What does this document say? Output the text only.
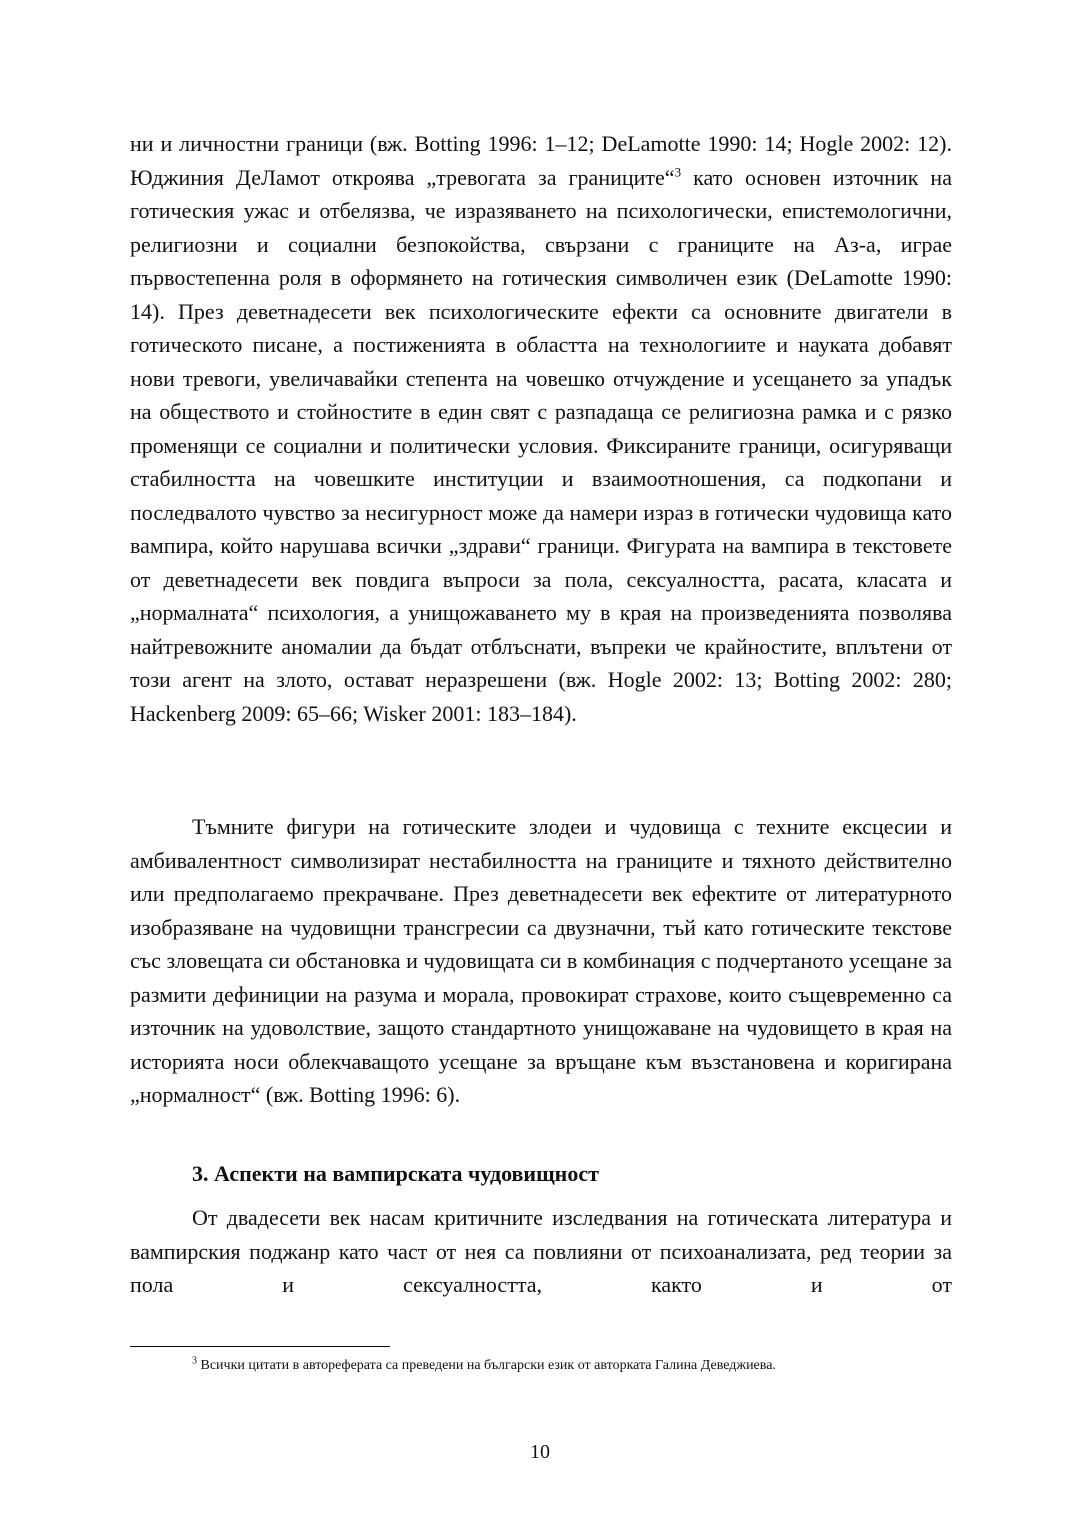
ни и личностни граници (вж. Botting 1996: 1–12; DeLamotte 1990: 14; Hogle 2002: 12). Юджиния ДеЛамот откроява „тревогата за границите“$^3$ като основен източник на готическия ужас и отбелязва, че изразяването на психологически, епистемологични, религиозни и социални безпокойства, свързани с границите на Аз-а, играе първостепенна роля в оформянето на готическия символичен език (DeLamotte 1990: 14). През деветнадесети век психологическите ефекти са основните двигатели в готическото писане, а постиженията в областта на технологиите и науката добавят нови тревоги, увеличавайки степента на човешко отчуждение и усещането за упадък на обществото и стойностите в един свят с разпадаща се религиозна рамка и с рязко променящи се социални и политически условия. Фиксираните граници, осигуряващи стабилността на човешките институции и взаимоотношения, са подкопани и последвалото чувство за несигурност може да намери израз в готически чудовища като вампира, който нарушава всички „здрави“ граници. Фигурата на вампира в текстовете от деветнадесети век повдига въпроси за пола, сексуалността, расата, класата и „нормалната“ психология, а унищожаването му в края на произведенията позволява найтревожните аномалии да бъдат отблъснати, въпреки че крайностите, вплътени от този агент на злото, остават неразрешени (вж. Hogle 2002: 13; Botting 2002: 280; Hackenberg 2009: 65–66; Wisker 2001: 183–184).

Тъмните фигури на готическите злодеи и чудовища с техните ексцесии и амбивалентност символизират нестабилността на границите и тяхното действително или предполагаемо прекрачване. През деветнадесети век ефектите от литературното изобразяване на чудовищни трансгресии са двузначни, тъй като готическите текстове със зловещата си обстановка и чудовищата си в комбинация с подчертаното усещане за размити дефиниции на разума и морала, провокират страхове, които същевременно са източник на удоволствие, защото стандартното унищожаване на чудовището в края на историята носи облекчаващото усещане за връщане към възстановена и коригирана „нормалност“ (вж. Botting 1996: 6).

3. Аспекти на вампирската чудовищност

От двадесети век насам критичните изследвания на готическата литература и вампирския поджанр като част от нея са повлияни от психоанализата, ред теории за пола и сексуалността, както и от

$^3$ Всички цитати в автореферата са преведени на български език от авторката Галина Деведжиева.

10
